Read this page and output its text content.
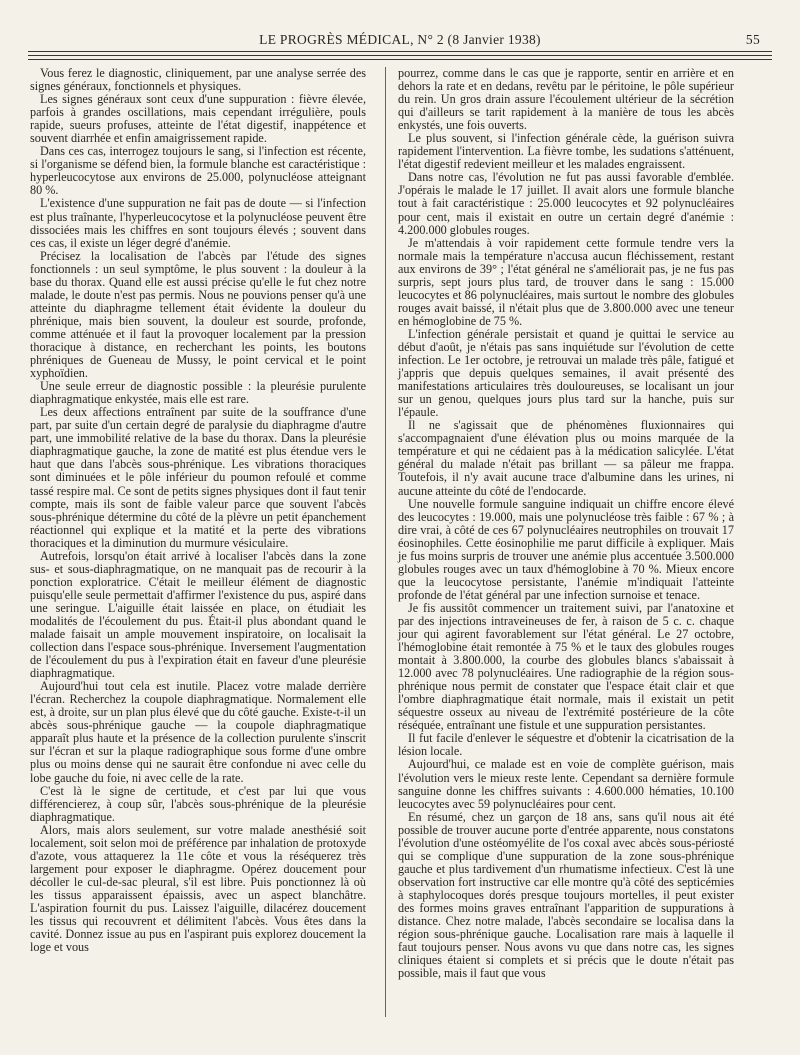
LE PROGRÈS MÉDICAL, N° 2 (8 Janvier 1938)	55

Vous ferez le diagnostic, cliniquement, par une analyse serrée des signes généraux, fonctionnels et physiques.

Les signes généraux sont ceux d'une suppuration : fièvre élevée, parfois à grandes oscillations, mais cependant irrégulière, pouls rapide, sueurs profuses, atteinte de l'état digestif, inappétence et souvent diarrhée et enfin amaigrissement rapide.

Dans ces cas, interrogez toujours le sang, si l'infection est récente, si l'organisme se défend bien, la formule blanche est caractéristique : hyperleucocytose aux environs de 25.000, polynucléose atteignant 80 %.

L'existence d'une suppuration ne fait pas de doute — si l'infection est plus traînante, l'hyperleucocytose et la polynucléose peuvent être dissociées mais les chiffres en sont toujours élevés ; souvent dans ces cas, il existe un léger degré d'anémie.

Précisez la localisation de l'abcès par l'étude des signes fonctionnels : un seul symptôme, le plus souvent : la douleur à la base du thorax. Quand elle est aussi précise qu'elle le fut chez notre malade, le doute n'est pas permis. Nous ne pouvions penser qu'à une atteinte du diaphragme tellement était évidente la douleur du phrénique, mais bien souvent, la douleur est sourde, profonde, comme atténuée et il faut la provoquer localement par la pression thoracique à distance, en recherchant les points, les boutons phréniques de Gueneau de Mussy, le point cervical et le point xyphoïdien.

Une seule erreur de diagnostic possible : la pleurésie purulente diaphragmatique enkystée, mais elle est rare.

Les deux affections entraînent par suite de la souffrance d'une part, par suite d'un certain degré de paralysie du diaphragme d'autre part, une immobilité relative de la base du thorax. Dans la pleurésie diaphragmatique gauche, la zone de matité est plus étendue vers le haut que dans l'abcès sous-phrénique. Les vibrations thoraciques sont diminuées et le pôle inférieur du poumon refoulé et comme tassé respire mal. Ce sont de petits signes physiques dont il faut tenir compte, mais ils sont de faible valeur parce que souvent l'abcès sous-phrénique détermine du côté de la plèvre un petit épanchement réactionnel qui explique et la matité et la perte des vibrations thoraciques et la diminution du murmure vésiculaire.

Autrefois, lorsqu'on était arrivé à localiser l'abcès dans la zone sus- et sous-diaphragmatique, on ne manquait pas de recourir à la ponction exploratrice. C'était le meilleur élément de diagnostic puisqu'elle seule permettait d'affirmer l'existence du pus, aspiré dans une seringue. L'aiguille était laissée en place, on étudiait les modalités de l'écoulement du pus. Était-il plus abondant quand le malade faisait un ample mouvement inspiratoire, on localisait la collection dans l'espace sous-phrénique. Inversement l'augmentation de l'écoulement du pus à l'expiration était en faveur d'une pleurésie diaphragmatique.

Aujourd'hui tout cela est inutile. Placez votre malade derrière l'écran. Recherchez la coupole diaphragmatique. Normalement elle est, à droite, sur un plan plus élevé que du côté gauche. Existe-t-il un abcès sous-phrénique gauche — la coupole diaphragmatique apparaît plus haute et la présence de la collection purulente s'inscrit sur l'écran et sur la plaque radiographique sous forme d'une ombre plus ou moins dense qui ne saurait être confondue ni avec celle du lobe gauche du foie, ni avec celle de la rate.

C'est là le signe de certitude, et c'est par lui que vous différencierez, à coup sûr, l'abcès sous-phrénique de la pleurésie diaphragmatique.

Alors, mais alors seulement, sur votre malade anesthésié soit localement, soit selon moi de préférence par inhalation de protoxyde d'azote, vous attaquerez la 11e côte et vous la réséquerez très largement pour exposer le diaphragme. Opérez doucement pour décoller le cul-de-sac pleural, s'il est libre. Puis ponctionnez là où les tissus apparaissent épaissis, avec un aspect blanchâtre. L'aspiration fournit du pus. Laissez l'aiguille, dilacérez doucement les tissus qui recouvrent et délimitent l'abcès. Vous êtes dans la cavité. Donnez issue au pus en l'aspirant puis explorez doucement la loge et vous

pourrez, comme dans le cas que je rapporte, sentir en arrière et en dehors la rate et en dedans, revêtu par le péritoine, le pôle supérieur du rein. Un gros drain assure l'écoulement ultérieur de la sécrétion qui d'ailleurs se tarit rapidement à la manière de tous les abcès enkystés, une fois ouverts.

Le plus souvent, si l'infection générale cède, la guérison suivra rapidement l'intervention. La fièvre tombe, les sudations s'atténuent, l'état digestif redevient meilleur et les malades engraissent.

Dans notre cas, l'évolution ne fut pas aussi favorable d'emblée. J'opérais le malade le 17 juillet. Il avait alors une formule blanche tout à fait caractéristique : 25.000 leucocytes et 92 polynucléaires pour cent, mais il existait en outre un certain degré d'anémie : 4.200.000 globules rouges.

Je m'attendais à voir rapidement cette formule tendre vers la normale mais la température n'accusa aucun fléchissement, restant aux environs de 39° ; l'état général ne s'améliorait pas, je ne fus pas surpris, sept jours plus tard, de trouver dans le sang : 15.000 leucocytes et 86 polynucléaires, mais surtout le nombre des globules rouges avait baissé, il n'était plus que de 3.800.000 avec une teneur en hémoglobine de 75 %.

L'infection générale persistait et quand je quittai le service au début d'août, je n'étais pas sans inquiétude sur l'évolution de cette infection. Le 1er octobre, je retrouvai un malade très pâle, fatigué et j'appris que depuis quelques semaines, il avait présenté des manifestations articulaires très douloureuses, se localisant un jour sur un genou, quelques jours plus tard sur la hanche, puis sur l'épaule.

Il ne s'agissait que de phénomènes fluxionnaires qui s'accompagnaient d'une élévation plus ou moins marquée de la température et qui ne cédaient pas à la médication salicylée. L'état général du malade n'était pas brillant — sa pâleur me frappa. Toutefois, il n'y avait aucune trace d'albumine dans les urines, ni aucune atteinte du côté de l'endocarde.

Une nouvelle formule sanguine indiquait un chiffre encore élevé des leucocytes : 19.000, mais une polynucléose très faible : 67 % ; à dire vrai, à côté de ces 67 polynucléaires neutrophiles on trouvait 17 éosinophiles. Cette éosinophilie me parut difficile à expliquer. Mais je fus moins surpris de trouver une anémie plus accentuée 3.500.000 globules rouges avec un taux d'hémoglobine à 70 %. Mieux encore que la leucocytose persistante, l'anémie m'indiquait l'atteinte profonde de l'état général par une infection surnoise et tenace.

Je fis aussitôt commencer un traitement suivi, par l'anatoxine et par des injections intraveineuses de fer, à raison de 5 c. c. chaque jour qui agirent favorablement sur l'état général. Le 27 octobre, l'hémoglobine était remontée à 75 % et le taux des globules rouges montait à 3.800.000, la courbe des globules blancs s'abaissait à 12.000 avec 78 polynucléaires. Une radiographie de la région sous-phrénique nous permit de constater que l'espace était clair et que l'ombre diaphragmatique était normale, mais il existait un petit séquestre osseux au niveau de l'extrémité postérieure de la côte réséquée, entraînant une fistule et une suppuration persistantes.

Il fut facile d'enlever le séquestre et d'obtenir la cicatrisation de la lésion locale.

Aujourd'hui, ce malade est en voie de complète guérison, mais l'évolution vers le mieux reste lente. Cependant sa dernière formule sanguine donne les chiffres suivants : 4.600.000 hématies, 10.100 leucocytes avec 59 polynucléaires pour cent.

En résumé, chez un garçon de 18 ans, sans qu'il nous ait été possible de trouver aucune porte d'entrée apparente, nous constatons l'évolution d'une ostéomyélite de l'os coxal avec abcès sous-périosté qui se complique d'une suppuration de la zone sous-phrénique gauche et plus tardivement d'un rhumatisme infectieux. C'est là une observation fort instructive car elle montre qu'à côté des septicémies à staphylocoques dorés presque toujours mortelles, il peut exister des formes moins graves entraînant l'apparition de suppurations à distance. Chez notre malade, l'abcès secondaire se localisa dans la région sous-phrénique gauche. Localisation rare mais à laquelle il faut toujours penser. Nous avons vu que dans notre cas, les signes cliniques étaient si complets et si précis que le doute n'était pas possible, mais il faut que vous
